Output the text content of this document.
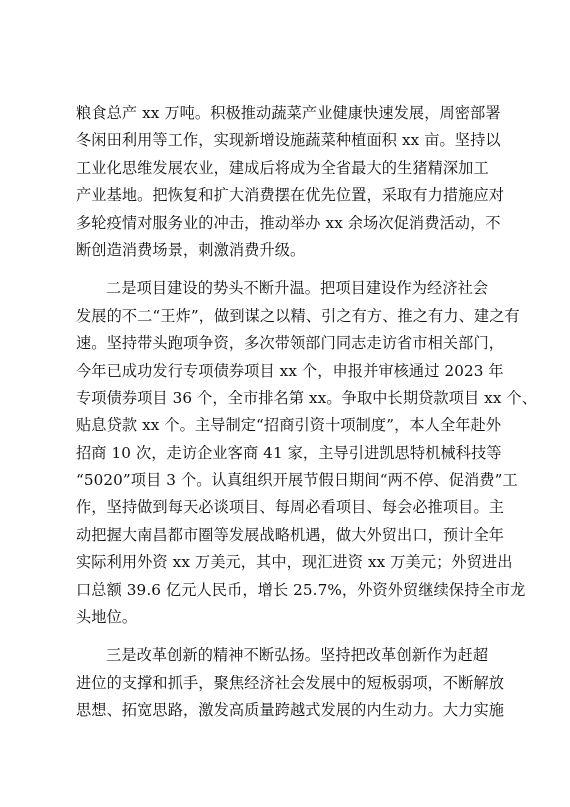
粮食总产 xx 万吨。积极推动蔬菜产业健康快速发展，周密部署
冬闲田利用等工作，实现新增设施蔬菜种植面积 xx 亩。坚持以
工业化思维发展农业，建成后将成为全省最大的生猪精深加工
产业基地。把恢复和扩大消费摆在优先位置，采取有力措施应对
多轮疫情对服务业的冲击，推动举办 xx 余场次促消费活动，不
断创造消费场景，刺激消费升级。
二是项目建设的势头不断升温。把项目建设作为经济社会
发展的不二“王炸”，做到谋之以精、引之有方、推之有力、建之有
速。坚持带头跑项争资，多次带领部门同志走访省市相关部门，
今年已成功发行专项债券项目 xx 个，申报并审核通过 2023 年
专项债券项目 36 个，全市排名第 xx。争取中长期贷款项目 xx 个、
贴息贷款 xx 个。主导制定“招商引资十项制度”，本人全年赴外
招商 10 次，走访企业客商 41 家，主导引进凯思特机械科技等
“5020”项目 3 个。认真组织开展节假日期间“两不停、促消费”工
作，坚持做到每天必谈项目、每周必看项目、每会必推项目。主
动把握大南昌都市圈等发展战略机遇，做大外贸出口，预计全年
实际利用外资 xx 万美元，其中，现汇进资 xx 万美元；外贸进出
口总额 39.6 亿元人民币，增长 25.7%，外资外贸继续保持全市龙
头地位。
三是改革创新的精神不断弘扬。坚持把改革创新作为赶超
进位的支撑和抓手，聚焦经济社会发展中的短板弱项，不断解放
思想、拓宽思路，激发高质量跨越式发展的内生动力。大力实施
